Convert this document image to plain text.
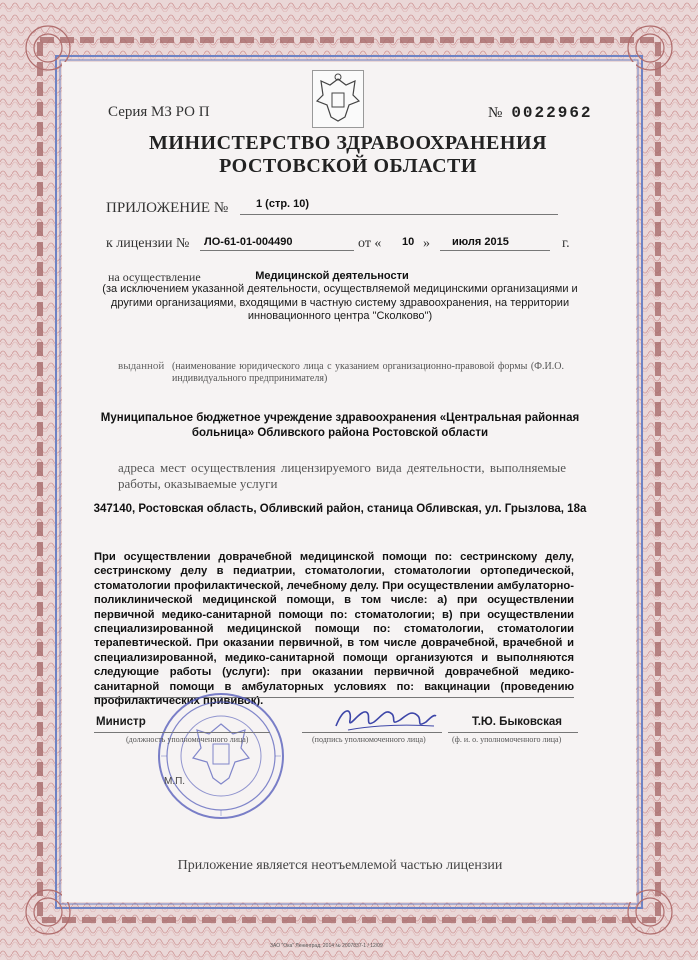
Серия МЗ РО П	№ 0022962
МИНИСТЕРСТВО ЗДРАВООХРАНЕНИЯ
РОСТОВСКОЙ ОБЛАСТИ
ПРИЛОЖЕНИЕ №	1 (стр. 10)
к лицензии № ЛО-61-01-004490	от « 10 » июля 2015	г.
на осуществление	Медицинской деятельности
(за исключением указанной деятельности, осуществляемой медицинскими организациями и другими организациями, входящими в частную систему здравоохранения, на территории инновационного центра "Сколково")
выданной (наименование юридического лица с указанием организационно-правовой формы (Ф.И.О. индивидуального предпринимателя)
Муниципальное бюджетное учреждение здравоохранения «Центральная районная больница» Обливского района Ростовской области
адреса мест осуществления лицензируемого вида деятельности, выполняемые работы, оказываемые услуги
347140, Ростовская область, Обливский район, станица Обливская, ул. Грызлова, 18а
При осуществлении доврачебной медицинской помощи по: сестринскому делу, сестринскому делу в педиатрии, стоматологии, стоматологии ортопедической, стоматологии профилактической, лечебному делу. При осуществлении амбулаторно-поликлинической медицинской помощи, в том числе: а) при осуществлении первичной медико-санитарной помощи по: стоматологии; в) при осуществлении специализированной медицинской помощи по: стоматологии, стоматологии терапевтической. При оказании первичной, в том числе доврачебной, врачебной и специализированной, медико-санитарной помощи организуются и выполняются следующие работы (услуги): при оказании первичной доврачебной медико-санитарной помощи в амбулаторных условиях по: вакцинации (проведению профилактических прививок).
Министр
(должность уполномоченного лица)	(подпись уполномоченного лица)
Т.Ю. Быковская
(ф. и. о. уполномоченного лица)
М.П.
Приложение является неотъемлемой частью лицензии
ЗАО "Ока" Ленинград. 2014 № 2007837-1 / 12/09
